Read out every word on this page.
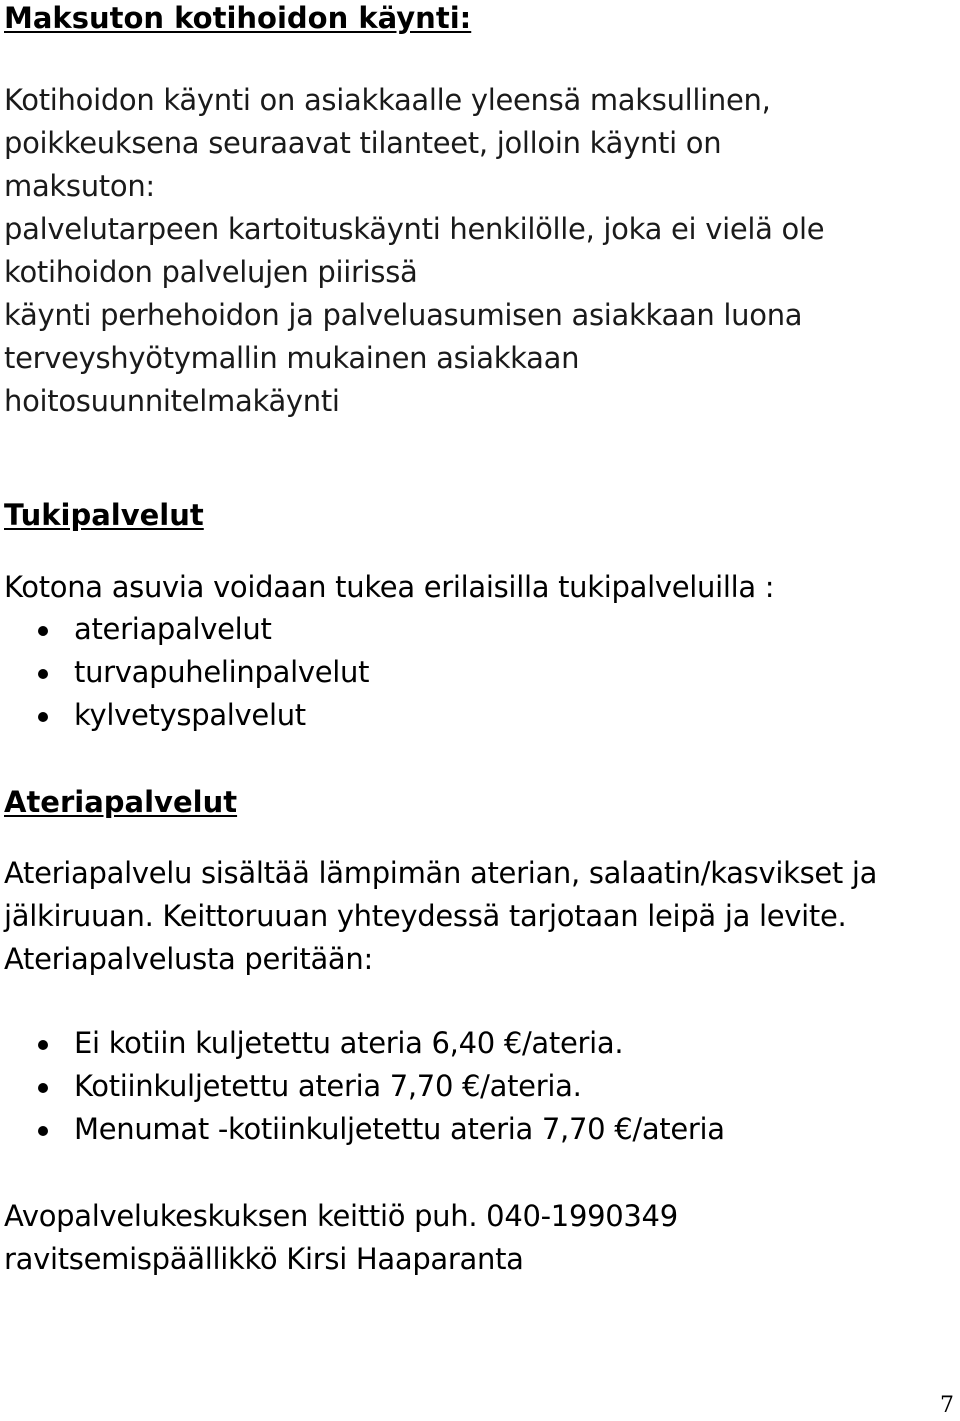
Maksuton kotihoidon käynti:

Kotihoidon käynti on asiakkaalle yleensä maksullinen,
poikkeuksena seuraavat tilanteet, jolloin käynti on
maksuton:
palvelutarpeen kartoituskäynti henkilölle, joka ei vielä ole
kotihoidon palvelujen piirissä
käynti perhehoidon ja palveluasumisen asiakkaan luona
terveyshyötymallin mukainen asiakkaan
hoitosuunnitelmakäynti

Tukipalvelut

Kotona asuvia voidaan tukea erilaisilla tukipalveluilla :

ateriapalvelut
turvapuhelinpalvelut
kylvetyspalvelut
Ateriapalvelut

Ateriapalvelu sisältää lämpimän aterian, salaatin/kasvikset ja
jälkiruuan. Keittoruuan yhteydessä tarjotaan leipä ja levite.
Ateriapalvelusta peritään:

Ei kotiin kuljetettu ateria 6,40 €/ateria.
Kotiinkuljetettu ateria 7,70 €/ateria.
Menumat -kotiinkuljetettu ateria 7,70 €/ateria

Avopalvelukeskuksen keittiö puh. 040-1990349
ravitsemispäällikkö Kirsi Haaparanta

7
